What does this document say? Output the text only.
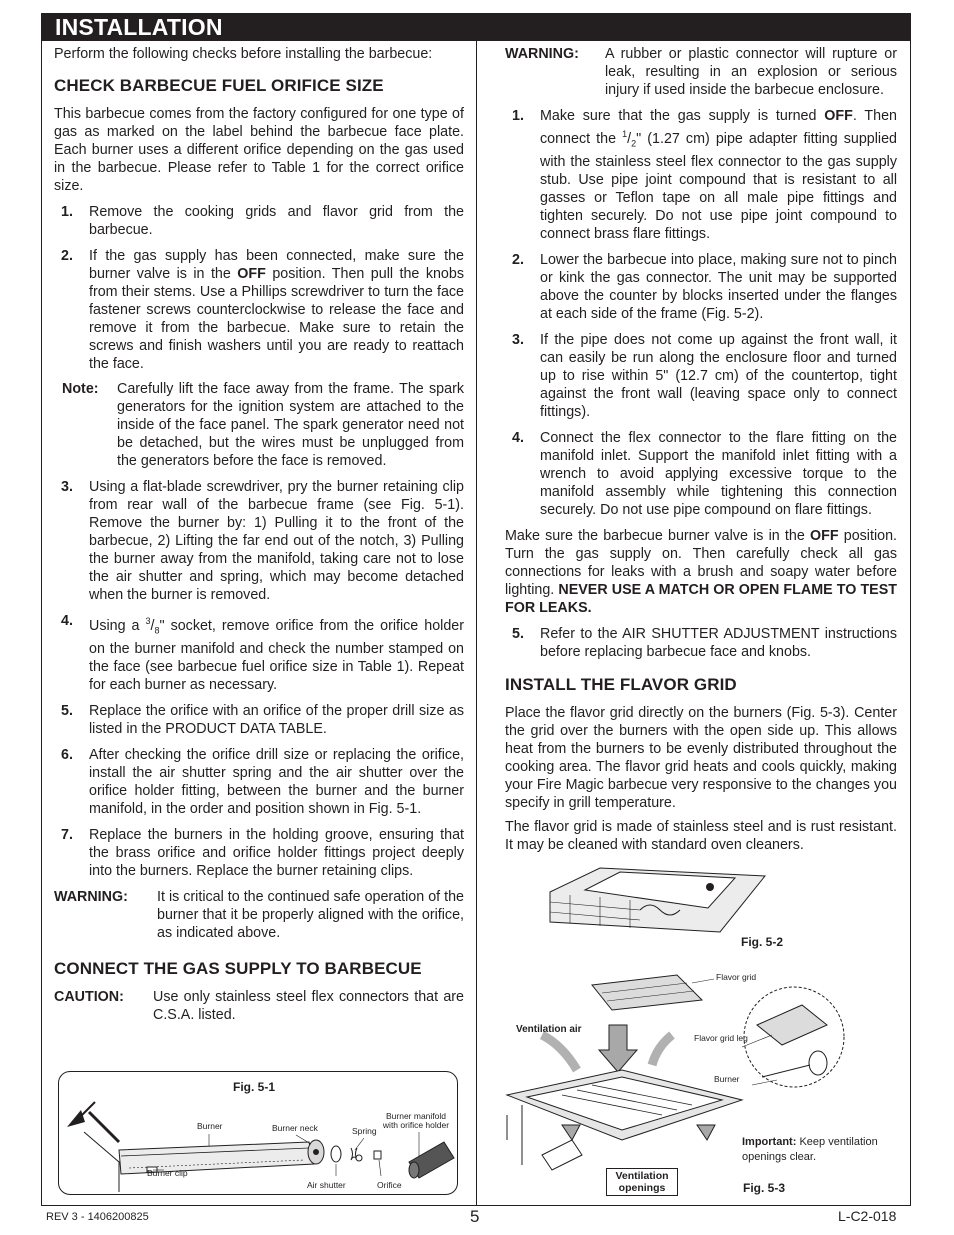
INSTALLATION

Perform the following checks before installing the barbecue:

CHECK BARBECUE FUEL ORIFICE SIZE

This barbecue comes from the factory configured for one type of gas as marked on the label behind the barbecue face plate. Each burner uses a different orifice depending on the gas used in the barbecue. Please refer to Table 1 for the correct orifice size.

1. Remove the cooking grids and flavor grid from the barbecue.
2. If the gas supply has been connected, make sure the burner valve is in the OFF position. Then pull the knobs from their stems. Use a Phillips screwdriver to turn the face fastener screws counterclockwise to release the face and remove it from the barbecue. Make sure to retain the screws and finish washers until you are ready to reattach the face.
Note: Carefully lift the face away from the frame. The spark generators for the ignition system are attached to the inside of the face panel. The spark generator need not be detached, but the wires must be unplugged from the generators before the face is removed.
3. Using a flat-blade screwdriver, pry the burner retaining clip from rear wall of the barbecue frame (see Fig. 5-1). Remove the burner by: 1) Pulling it to the front of the barbecue, 2) Lifting the far end out of the notch, 3) Pulling the burner away from the manifold, taking care not to lose the air shutter and spring, which may become detached when the burner is removed.
4. Using a $^3/_8$" socket, remove orifice from the orifice holder on the burner manifold and check the number stamped on the face (see barbecue fuel orifice size in Table 1). Repeat for each burner as necessary.
5. Replace the orifice with an orifice of the proper drill size as listed in the PRODUCT DATA TABLE.
6. After checking the orifice drill size or replacing the orifice, install the air shutter spring and the air shutter over the orifice holder fitting, between the burner and the burner manifold, in the order and position shown in Fig. 5-1.
7. Replace the burners in the holding groove, ensuring that the brass orifice and orifice holder fittings project deeply into the burners. Replace the burner retaining clips.
WARNING: It is critical to the continued safe operation of the burner that it be properly aligned with the orifice, as indicated above.
CONNECT THE GAS SUPPLY TO BARBECUE
CAUTION: Use only stainless steel flex connectors that are C.S.A. listed.
Fig. 5-1
Burner	Burner neck	Spring
Burner manifold with orifice holder
Burner clip
Air shutter	Orifice
WARNING: A rubber or plastic connector will rupture or leak, resulting in an explosion or serious injury if used inside the barbecue enclosure.
1. Make sure that the gas supply is turned OFF. Then connect the $^1/_2$" (1.27 cm) pipe adapter fitting supplied with the stainless steel flex connector to the gas supply stub. Use pipe joint compound that is resistant to all gasses or Teflon tape on all male pipe fittings and tighten securely. Do not use pipe joint compound to connect brass flare fittings.
2. Lower the barbecue into place, making sure not to pinch or kink the gas connector. The unit may be supported above the counter by blocks inserted under the flanges at each side of the frame (Fig. 5-2).
3. If the pipe does not come up against the front wall, it can easily be run along the enclosure floor and turned up to rise within 5" (12.7 cm) of the countertop, tight against the front wall (leaving space only to connect fittings).
4. Connect the flex connector to the flare fitting on the manifold inlet. Support the manifold inlet fitting with a wrench to avoid applying excessive torque to the manifold assembly while tightening this connection securely. Do not use pipe compound on flare fittings.

Make sure the barbecue burner valve is in the OFF position. Turn the gas supply on. Then carefully check all gas connections for leaks with a brush and soapy water before lighting. NEVER USE A MATCH OR OPEN FLAME TO TEST FOR LEAKS.

5. Refer to the AIR SHUTTER ADJUSTMENT instructions before replacing barbecue face and knobs.
INSTALL THE FLAVOR GRID

Place the flavor grid directly on the burners (Fig. 5-3). Center the grid over the burners with the open side up. This allows heat from the burners to be evenly distributed throughout the cooking area. The flavor grid heats and cools quickly, making your Fire Magic barbecue very responsive to the changes you specify in grill temperature.

The flavor grid is made of stainless steel and is rust resistant. It may be cleaned with standard oven cleaners.

Fig. 5-2
Flavor grid
Ventilation air
Flavor grid leg
Burner
Important: Keep ventilation openings clear.
Ventilation openings	Fig. 5-3
REV 3 - 1406200825	5	L-C2-018
